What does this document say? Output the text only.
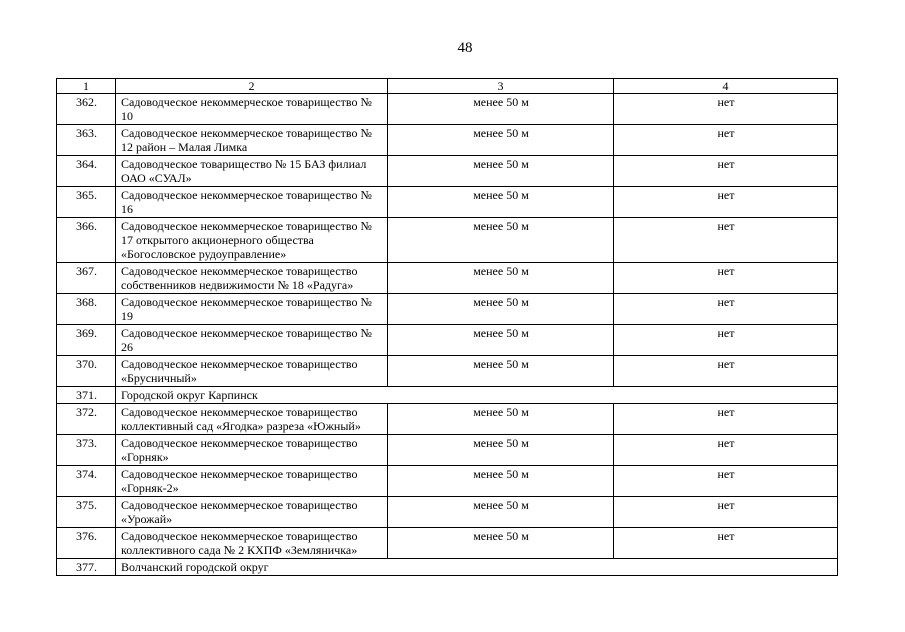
48
1	2	3	4
362.	Садоводческое некоммерческое товарищество № 10	менее 50 м	нет
363.	Садоводческое некоммерческое товарищество № 12 район – Малая Лимка	менее 50 м	нет
364.	Садоводческое товарищество № 15 БАЗ филиал ОАО «СУАЛ»	менее 50 м	нет
365.	Садоводческое некоммерческое товарищество № 16	менее 50 м	нет
366.	Садоводческое некоммерческое товарищество № 17 открытого акционерного общества «Богословское рудоуправление»	менее 50 м	нет
367.	Садоводческое некоммерческое товарищество собственников недвижимости № 18 «Радуга»	менее 50 м	нет
368.	Садоводческое некоммерческое товарищество № 19	менее 50 м	нет
369.	Садоводческое некоммерческое товарищество № 26	менее 50 м	нет
370.	Садоводческое некоммерческое товарищество «Брусничный»	менее 50 м	нет
371.	Городской округ Карпинск		
372.	Садоводческое некоммерческое товарищество коллективный сад «Ягодка» разреза «Южный»	менее 50 м	нет
373.	Садоводческое некоммерческое товарищество «Горняк»	менее 50 м	нет
374.	Садоводческое некоммерческое товарищество «Горняк-2»	менее 50 м	нет
375.	Садоводческое некоммерческое товарищество «Урожай»	менее 50 м	нет
376.	Садоводческое некоммерческое товарищество коллективного сада № 2 КХПФ «Земляничка»	менее 50 м	нет
377.	Волчанский городской округ		
